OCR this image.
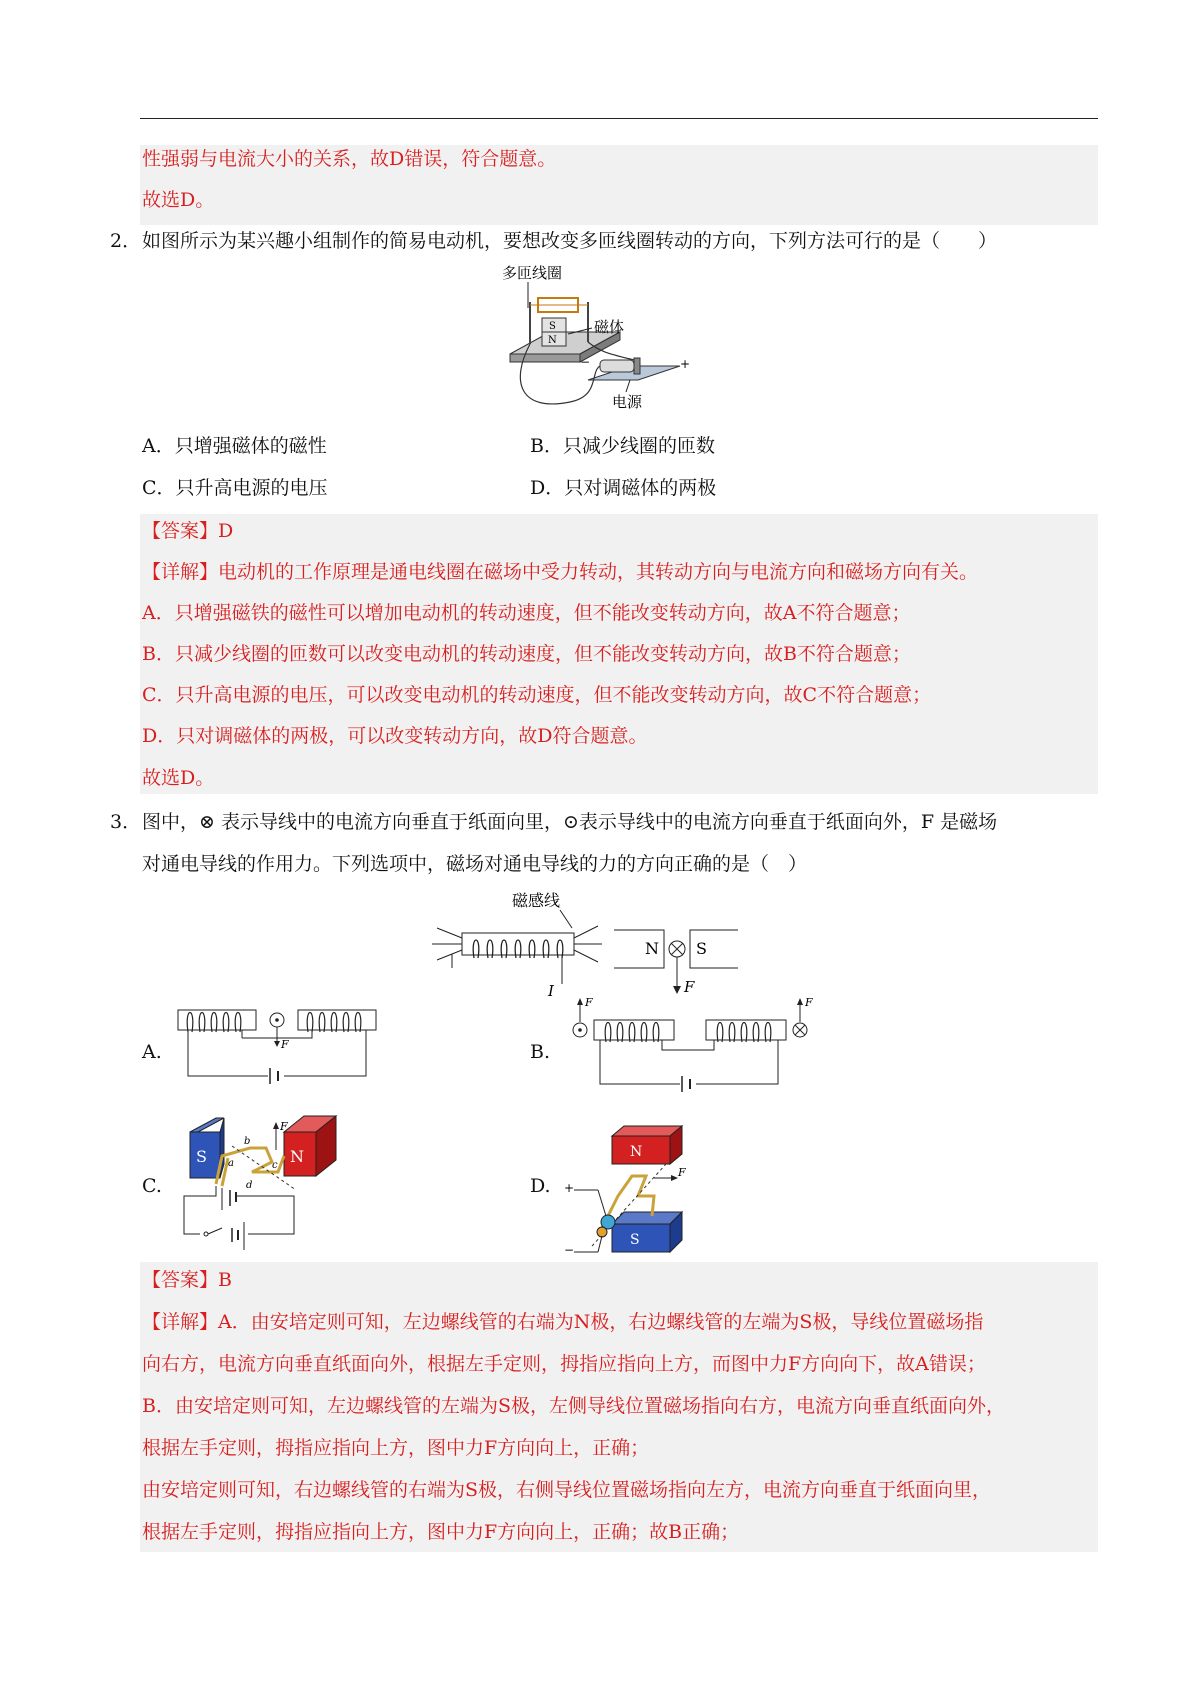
性强弱与电流大小的关系，故D错误，符合题意。
故选D。
2． 如图所示为某兴趣小组制作的简易电动机，要想改变多匝线圈转动的方向，下列方法可行的是（　　）
多匝线圈
S
N
磁体
−	+
电源
A．只增强磁体的磁性	B．只减少线圈的匝数
C．只升高电源的电压	D．只对调磁体的两极
【答案】D
【详解】电动机的工作原理是通电线圈在磁场中受力转动，其转动方向与电流方向和磁场方向有关。
A．只增强磁铁的磁性可以增加电动机的转动速度，但不能改变转动方向，故A不符合题意；
B．只减少线圈的匝数可以改变电动机的转动速度，但不能改变转动方向，故B不符合题意；
C．只升高电源的电压，可以改变电动机的转动速度，但不能改变转动方向，故C不符合题意；
D．只对调磁体的两极，可以改变转动方向，故D符合题意。
故选D。
3． 图中，⊗ 表示导线中的电流方向垂直于纸面向里，⊙表示导线中的电流方向垂直于纸面向外，F 是磁场
对通电导线的作用力。下列选项中，磁场对通电导线的力的方向正确的是（　）
磁感线
I
N S
F
A.	F	B.
F	F
C.
S	N
F
a
b
c
d	D.
N
S
F
+
−
【答案】B
【详解】A．由安培定则可知，左边螺线管的右端为N极，右边螺线管的左端为S极，导线位置磁场指
向右方，电流方向垂直纸面向外，根据左手定则，拇指应指向上方，而图中力F方向向下，故A错误；
B．由安培定则可知，左边螺线管的左端为S极，左侧导线位置磁场指向右方，电流方向垂直纸面向外，
根据左手定则，拇指应指向上方，图中力F方向向上，正确；
由安培定则可知，右边螺线管的右端为S极，右侧导线位置磁场指向左方，电流方向垂直于纸面向里，
根据左手定则，拇指应指向上方，图中力F方向向上，正确；故B正确；
